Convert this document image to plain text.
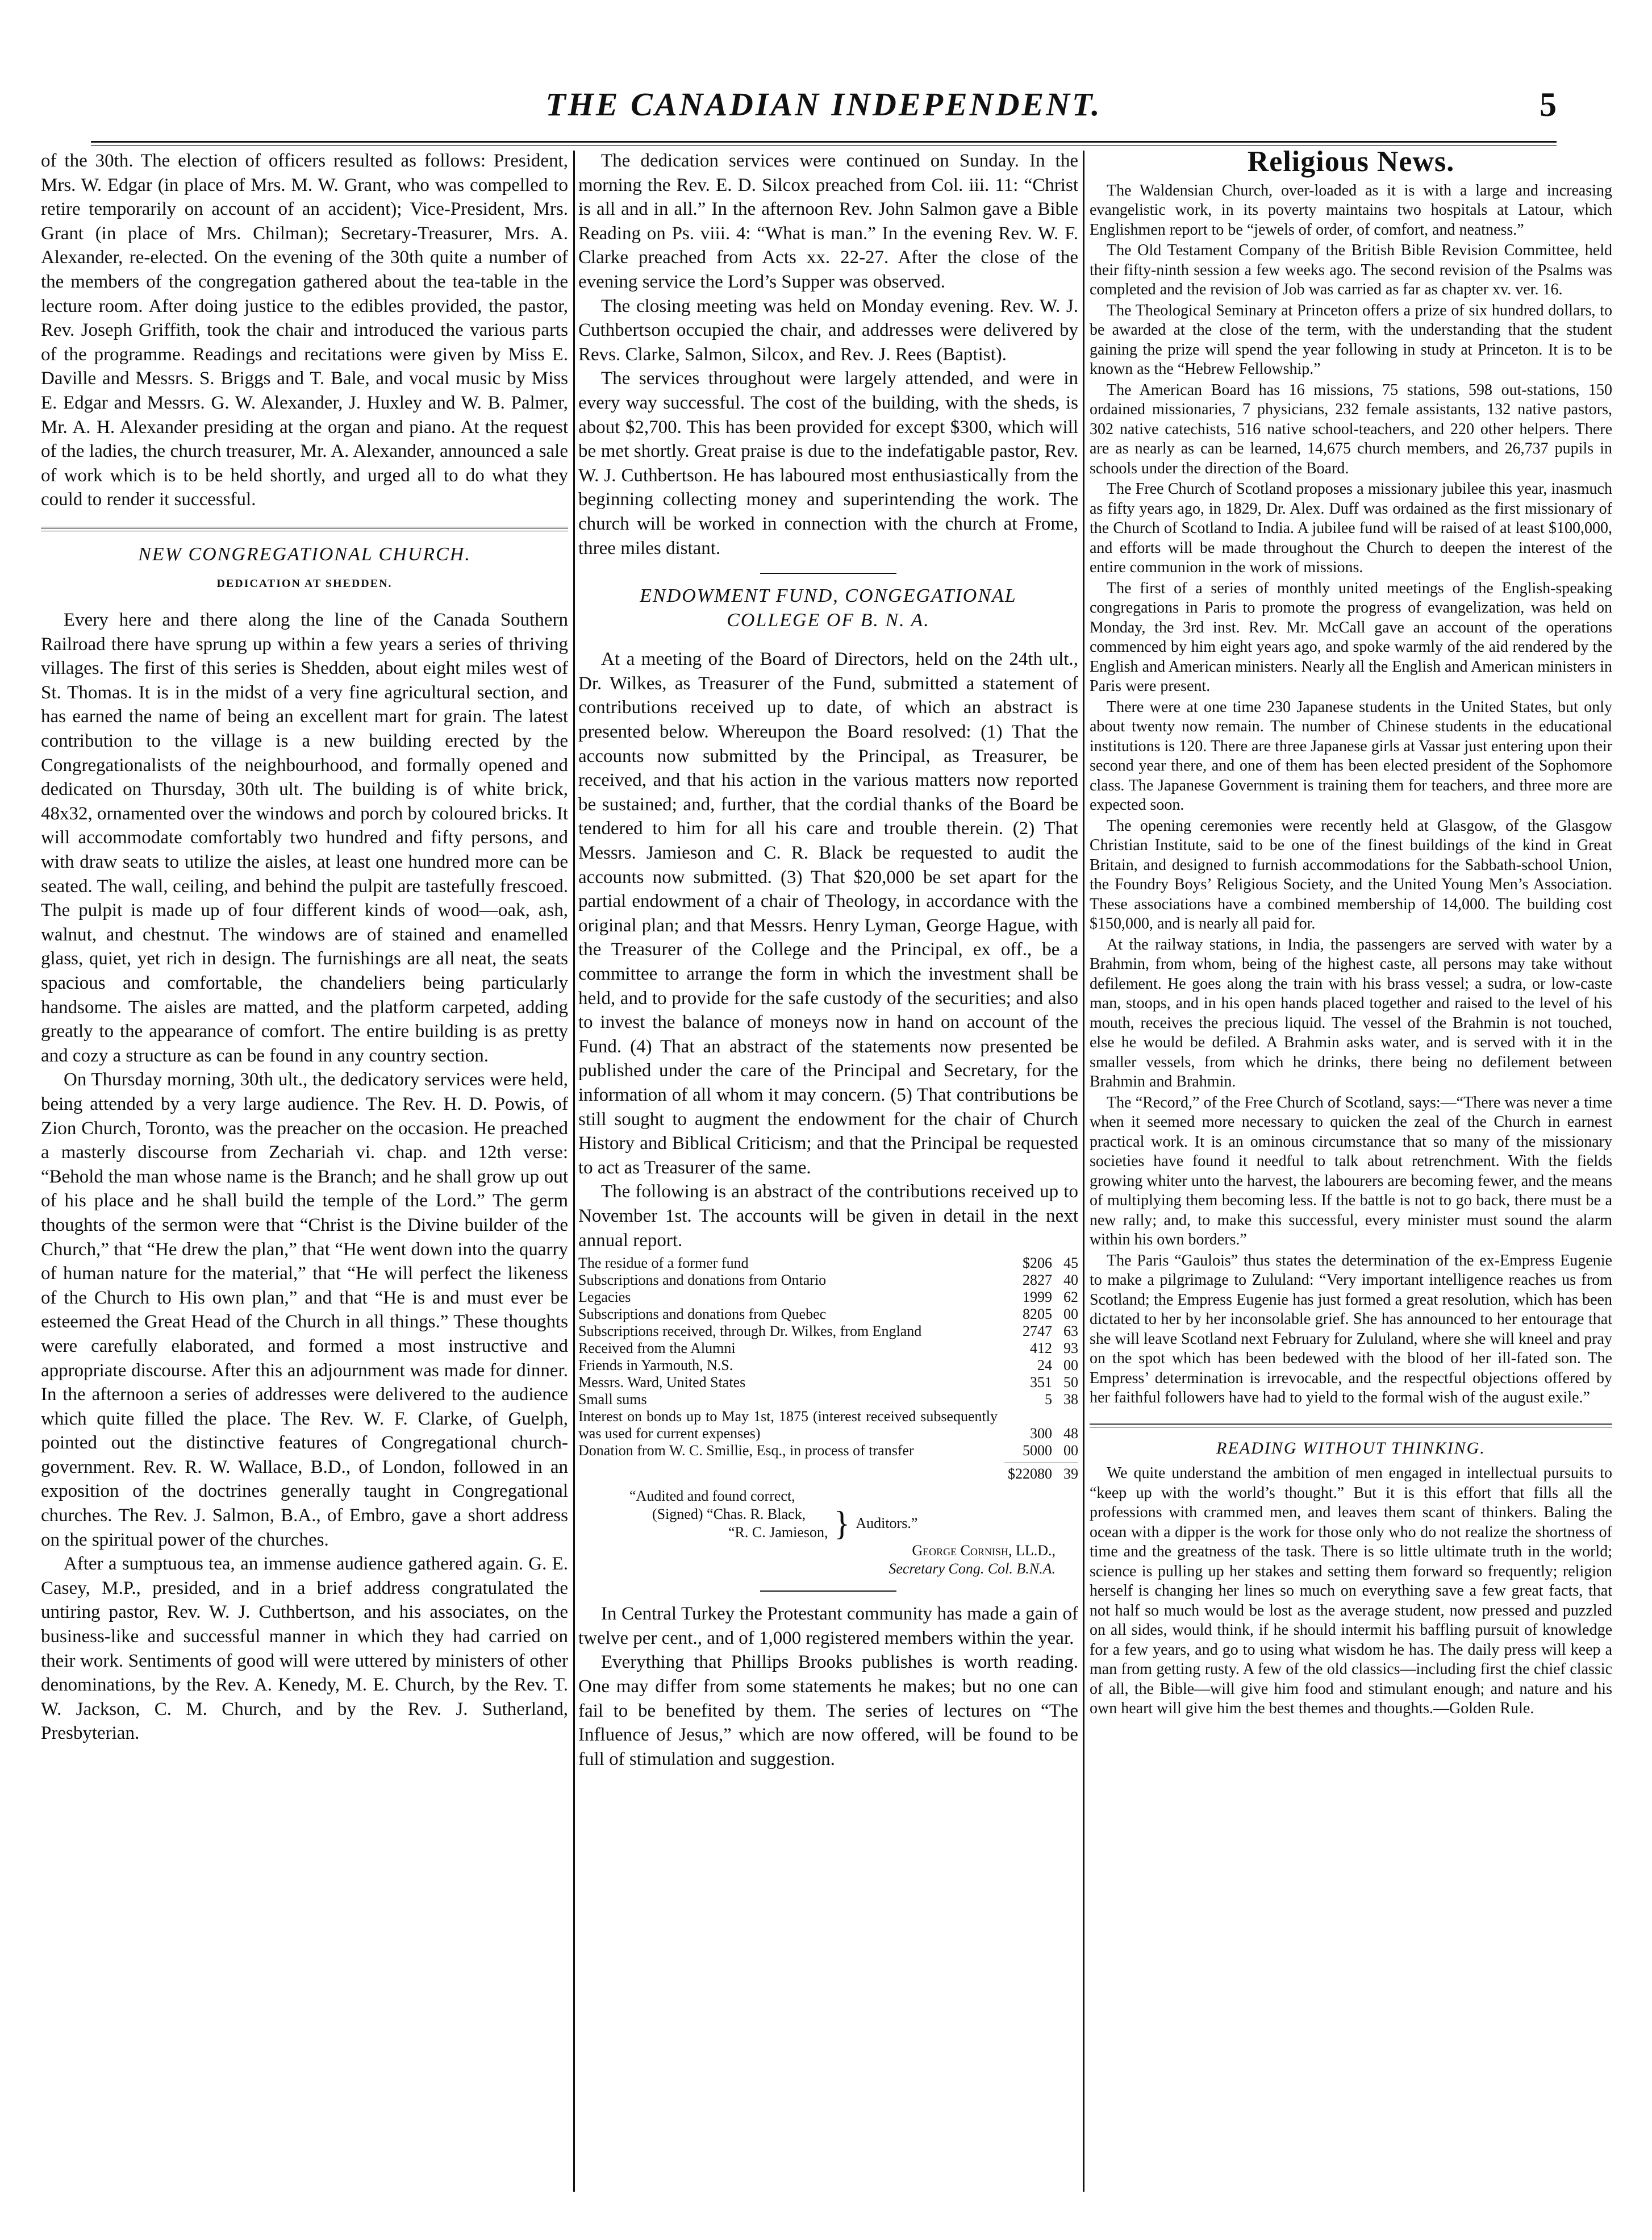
THE CANADIAN INDEPENDENT.	5

of the 30th. The election of officers resulted as follows: President, Mrs. W. Edgar (in place of Mrs. M. W. Grant, who was compelled to retire temporarily on account of an accident); Vice-President, Mrs. Grant (in place of Mrs. Chilman); Secretary-Treasurer, Mrs. A. Alexander, re-elected. On the evening of the 30th quite a number of the members of the congregation gathered about the tea-table in the lecture room. After doing justice to the edibles provided, the pastor, Rev. Joseph Griffith, took the chair and introduced the various parts of the programme. Readings and recitations were given by Miss E. Daville and Messrs. S. Briggs and T. Bale, and vocal music by Miss E. Edgar and Messrs. G. W. Alexander, J. Huxley and W. B. Palmer, Mr. A. H. Alexander presiding at the organ and piano. At the request of the ladies, the church treasurer, Mr. A. Alexander, announced a sale of work which is to be held shortly, and urged all to do what they could to render it successful.

NEW CONGREGATIONAL CHURCH.
DEDICATION AT SHEDDEN.

Every here and there along the line of the Canada Southern Railroad there have sprung up within a few years a series of thriving villages. The first of this series is Shedden, about eight miles west of St. Thomas. It is in the midst of a very fine agricultural section, and has earned the name of being an excellent mart for grain. The latest contribution to the village is a new building erected by the Congregationalists of the neighbourhood, and formally opened and dedicated on Thursday, 30th ult. The building is of white brick, 48x32, ornamented over the windows and porch by coloured bricks. It will accommodate comfortably two hundred and fifty persons, and with draw seats to utilize the aisles, at least one hundred more can be seated. The wall, ceiling, and behind the pulpit are tastefully frescoed. The pulpit is made up of four different kinds of wood—oak, ash, walnut, and chestnut. The windows are of stained and enamelled glass, quiet, yet rich in design. The furnishings are all neat, the seats spacious and comfortable, the chandeliers being particularly handsome. The aisles are matted, and the platform carpeted, adding greatly to the appearance of comfort. The entire building is as pretty and cozy a structure as can be found in any country section.

On Thursday morning, 30th ult., the dedicatory services were held, being attended by a very large audience. The Rev. H. D. Powis, of Zion Church, Toronto, was the preacher on the occasion. He preached a masterly discourse from Zechariah vi. chap. and 12th verse: “Behold the man whose name is the Branch; and he shall grow up out of his place and he shall build the temple of the Lord.” The germ thoughts of the sermon were that “Christ is the Divine builder of the Church,” that “He drew the plan,” that “He went down into the quarry of human nature for the material,” that “He will perfect the likeness of the Church to His own plan,” and that “He is and must ever be esteemed the Great Head of the Church in all things.” These thoughts were carefully elaborated, and formed a most instructive and appropriate discourse. After this an adjournment was made for dinner. In the afternoon a series of addresses were delivered to the audience which quite filled the place. The Rev. W. F. Clarke, of Guelph, pointed out the distinctive features of Congregational church-government. Rev. R. W. Wallace, B.D., of London, followed in an exposition of the doctrines generally taught in Congregational churches. The Rev. J. Salmon, B.A., of Embro, gave a short address on the spiritual power of the churches.

After a sumptuous tea, an immense audience gathered again. G. E. Casey, M.P., presided, and in a brief address congratulated the untiring pastor, Rev. W. J. Cuthbertson, and his associates, on the business-like and successful manner in which they had carried on their work. Sentiments of good will were uttered by ministers of other denominations, by the Rev. A. Kenedy, M. E. Church, by the Rev. T. W. Jackson, C. M. Church, and by the Rev. J. Sutherland, Presbyterian.

The dedication services were continued on Sunday. In the morning the Rev. E. D. Silcox preached from Col. iii. 11: “Christ is all and in all.” In the afternoon Rev. John Salmon gave a Bible Reading on Ps. viii. 4: “What is man.” In the evening Rev. W. F. Clarke preached from Acts xx. 22-27. After the close of the evening service the Lord’s Supper was observed.

The closing meeting was held on Monday evening. Rev. W. J. Cuthbertson occupied the chair, and addresses were delivered by Revs. Clarke, Salmon, Silcox, and Rev. J. Rees (Baptist).

The services throughout were largely attended, and were in every way successful. The cost of the building, with the sheds, is about $2,700. This has been provided for except $300, which will be met shortly. Great praise is due to the indefatigable pastor, Rev. W. J. Cuthbertson. He has laboured most enthusiastically from the beginning collecting money and superintending the work. The church will be worked in connection with the church at Frome, three miles distant.

ENDOWMENT FUND, CONGEGATIONAL
COLLEGE OF B. N. A.

At a meeting of the Board of Directors, held on the 24th ult., Dr. Wilkes, as Treasurer of the Fund, submitted a statement of contributions received up to date, of which an abstract is presented below. Whereupon the Board resolved: (1) That the accounts now submitted by the Principal, as Treasurer, be received, and that his action in the various matters now reported be sustained; and, further, that the cordial thanks of the Board be tendered to him for all his care and trouble therein. (2) That Messrs. Jamieson and C. R. Black be requested to audit the accounts now submitted. (3) That $20,000 be set apart for the partial endowment of a chair of Theology, in accordance with the original plan; and that Messrs. Henry Lyman, George Hague, with the Treasurer of the College and the Principal, ex off., be a committee to arrange the form in which the investment shall be held, and to provide for the safe custody of the securities; and also to invest the balance of moneys now in hand on account of the Fund. (4) That an abstract of the statements now presented be published under the care of the Principal and Secretary, for the information of all whom it may concern. (5) That contributions be still sought to augment the endowment for the chair of Church History and Biblical Criticism; and that the Principal be requested to act as Treasurer of the same.

The following is an abstract of the contributions received up to November 1st. The accounts will be given in detail in the next annual report.

The residue of a former fund	$206 45
Subscriptions and donations from Ontario	2827 40
Legacies	1999 62
Subscriptions and donations from Quebec	8205 00
Subscriptions received, through Dr. Wilkes, from England	2747 63
Received from the Alumni	412 93
Friends in Yarmouth, N.S.	24 00
Messrs. Ward, United States	351 50
Small sums	5 38
Interest on bonds up to May 1st, 1875 (interest received subsequently was used for current expenses)	300 48
Donation from W. C. Smillie, Esq., in process of transfer	5000 00
$22080 39
“Audited and found correct,
(Signed) “Chas. R. Black,
“R. C. Jamieson, } Auditors.”
George Cornish, LL.D.,
Secretary Cong. Col. B.N.A.

In Central Turkey the Protestant community has made a gain of twelve per cent., and of 1,000 registered members within the year.

Everything that Phillips Brooks publishes is worth reading. One may differ from some statements he makes; but no one can fail to be benefited by them. The series of lectures on “The Influence of Jesus,” which are now offered, will be found to be full of stimulation and suggestion.

Religious News.

The Waldensian Church, over-loaded as it is with a large and increasing evangelistic work, in its poverty maintains two hospitals at Latour, which Englishmen report to be “jewels of order, of comfort, and neatness.”

The Old Testament Company of the British Bible Revision Committee, held their fifty-ninth session a few weeks ago. The second revision of the Psalms was completed and the revision of Job was carried as far as chapter xv. ver. 16.

The Theological Seminary at Princeton offers a prize of six hundred dollars, to be awarded at the close of the term, with the understanding that the student gaining the prize will spend the year following in study at Princeton. It is to be known as the “Hebrew Fellowship.”

The American Board has 16 missions, 75 stations, 598 out-stations, 150 ordained missionaries, 7 physicians, 232 female assistants, 132 native pastors, 302 native catechists, 516 native school-teachers, and 220 other helpers. There are as nearly as can be learned, 14,675 church members, and 26,737 pupils in schools under the direction of the Board.

The Free Church of Scotland proposes a missionary jubilee this year, inasmuch as fifty years ago, in 1829, Dr. Alex. Duff was ordained as the first missionary of the Church of Scotland to India. A jubilee fund will be raised of at least $100,000, and efforts will be made throughout the Church to deepen the interest of the entire communion in the work of missions.

The first of a series of monthly united meetings of the English-speaking congregations in Paris to promote the progress of evangelization, was held on Monday, the 3rd inst. Rev. Mr. McCall gave an account of the operations commenced by him eight years ago, and spoke warmly of the aid rendered by the English and American ministers. Nearly all the English and American ministers in Paris were present.

There were at one time 230 Japanese students in the United States, but only about twenty now remain. The number of Chinese students in the educational institutions is 120. There are three Japanese girls at Vassar just entering upon their second year there, and one of them has been elected president of the Sophomore class. The Japanese Government is training them for teachers, and three more are expected soon.

The opening ceremonies were recently held at Glasgow, of the Glasgow Christian Institute, said to be one of the finest buildings of the kind in Great Britain, and designed to furnish accommodations for the Sabbath-school Union, the Foundry Boys’ Religious Society, and the United Young Men’s Association. These associations have a combined membership of 14,000. The building cost $150,000, and is nearly all paid for.

At the railway stations, in India, the passengers are served with water by a Brahmin, from whom, being of the highest caste, all persons may take without defilement. He goes along the train with his brass vessel; a sudra, or low-caste man, stoops, and in his open hands placed together and raised to the level of his mouth, receives the precious liquid. The vessel of the Brahmin is not touched, else he would be defiled. A Brahmin asks water, and is served with it in the smaller vessels, from which he drinks, there being no defilement between Brahmin and Brahmin.

The “Record,” of the Free Church of Scotland, says:—“There was never a time when it seemed more necessary to quicken the zeal of the Church in earnest practical work. It is an ominous circumstance that so many of the missionary societies have found it needful to talk about retrenchment. With the fields growing whiter unto the harvest, the labourers are becoming fewer, and the means of multiplying them becoming less. If the battle is not to go back, there must be a new rally; and, to make this successful, every minister must sound the alarm within his own borders.”

The Paris “Gaulois” thus states the determination of the ex-Empress Eugenie to make a pilgrimage to Zululand: “Very important intelligence reaches us from Scotland; the Empress Eugenie has just formed a great resolution, which has been dictated to her by her inconsolable grief. She has announced to her entourage that she will leave Scotland next February for Zululand, where she will kneel and pray on the spot which has been bedewed with the blood of her ill-fated son. The Empress’ determination is irrevocable, and the respectful objections offered by her faithful followers have had to yield to the formal wish of the august exile.”

READING WITHOUT THINKING.

We quite understand the ambition of men engaged in intellectual pursuits to “keep up with the world’s thought.” But it is this effort that fills all the professions with crammed men, and leaves them scant of thinkers. Baling the ocean with a dipper is the work for those only who do not realize the shortness of time and the greatness of the task. There is so little ultimate truth in the world; science is pulling up her stakes and setting them forward so frequently; religion herself is changing her lines so much on everything save a few great facts, that not half so much would be lost as the average student, now pressed and puzzled on all sides, would think, if he should intermit his baffling pursuit of knowledge for a few years, and go to using what wisdom he has. The daily press will keep a man from getting rusty. A few of the old classics—including first the chief classic of all, the Bible—will give him food and stimulant enough; and nature and his own heart will give him the best themes and thoughts.—Golden Rule.
